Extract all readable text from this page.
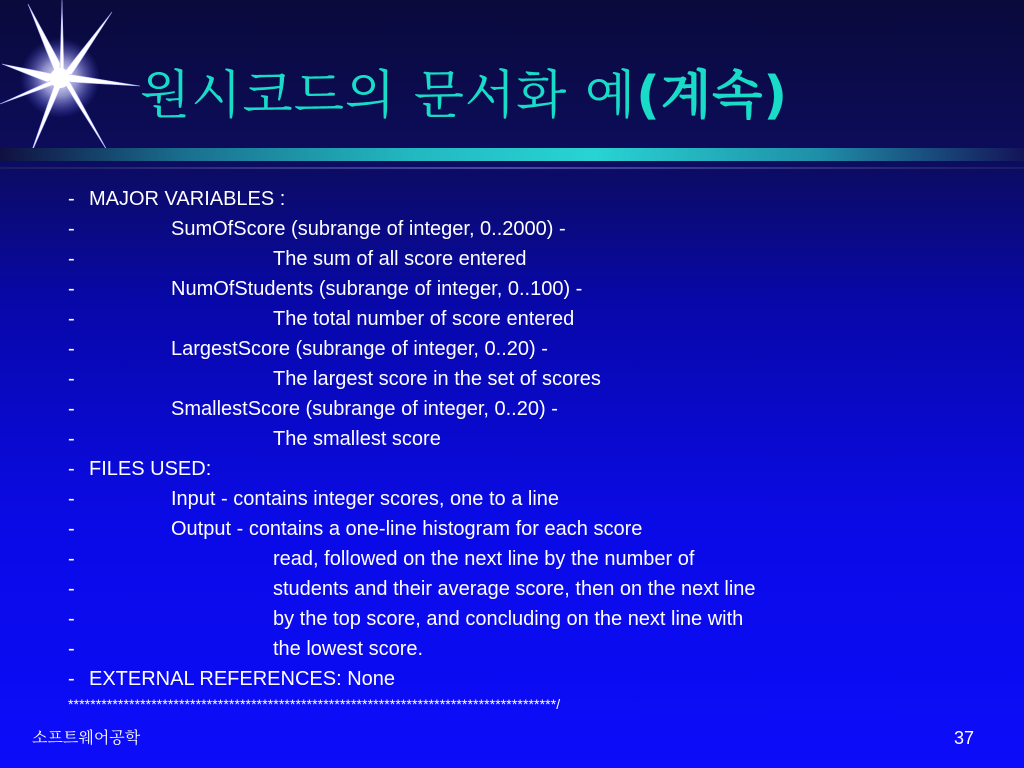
원시코드의 문서화 예(계속)
- MAJOR VARIABLES :
-	SumOfScore (subrange of integer, 0..2000) -
-	The sum of all score entered
-	NumOfStudents (subrange of integer, 0..100) -
-	The total number of score entered
-	LargestScore (subrange of integer, 0..20) -
-	The largest score in the set of scores
-	SmallestScore (subrange of integer, 0..20) -
-	The smallest score
- FILES USED:
-	Input - contains integer scores, one to a line
-	Output - contains a one-line histogram for each score
-	read, followed on the next line by the number of
-	students and their average score, then on the next line
-	by the top score, and concluding on the next line with
-	the lowest score.
- EXTERNAL REFERENCES: None
****************************************************************************************/
소프트웨어공학	37
